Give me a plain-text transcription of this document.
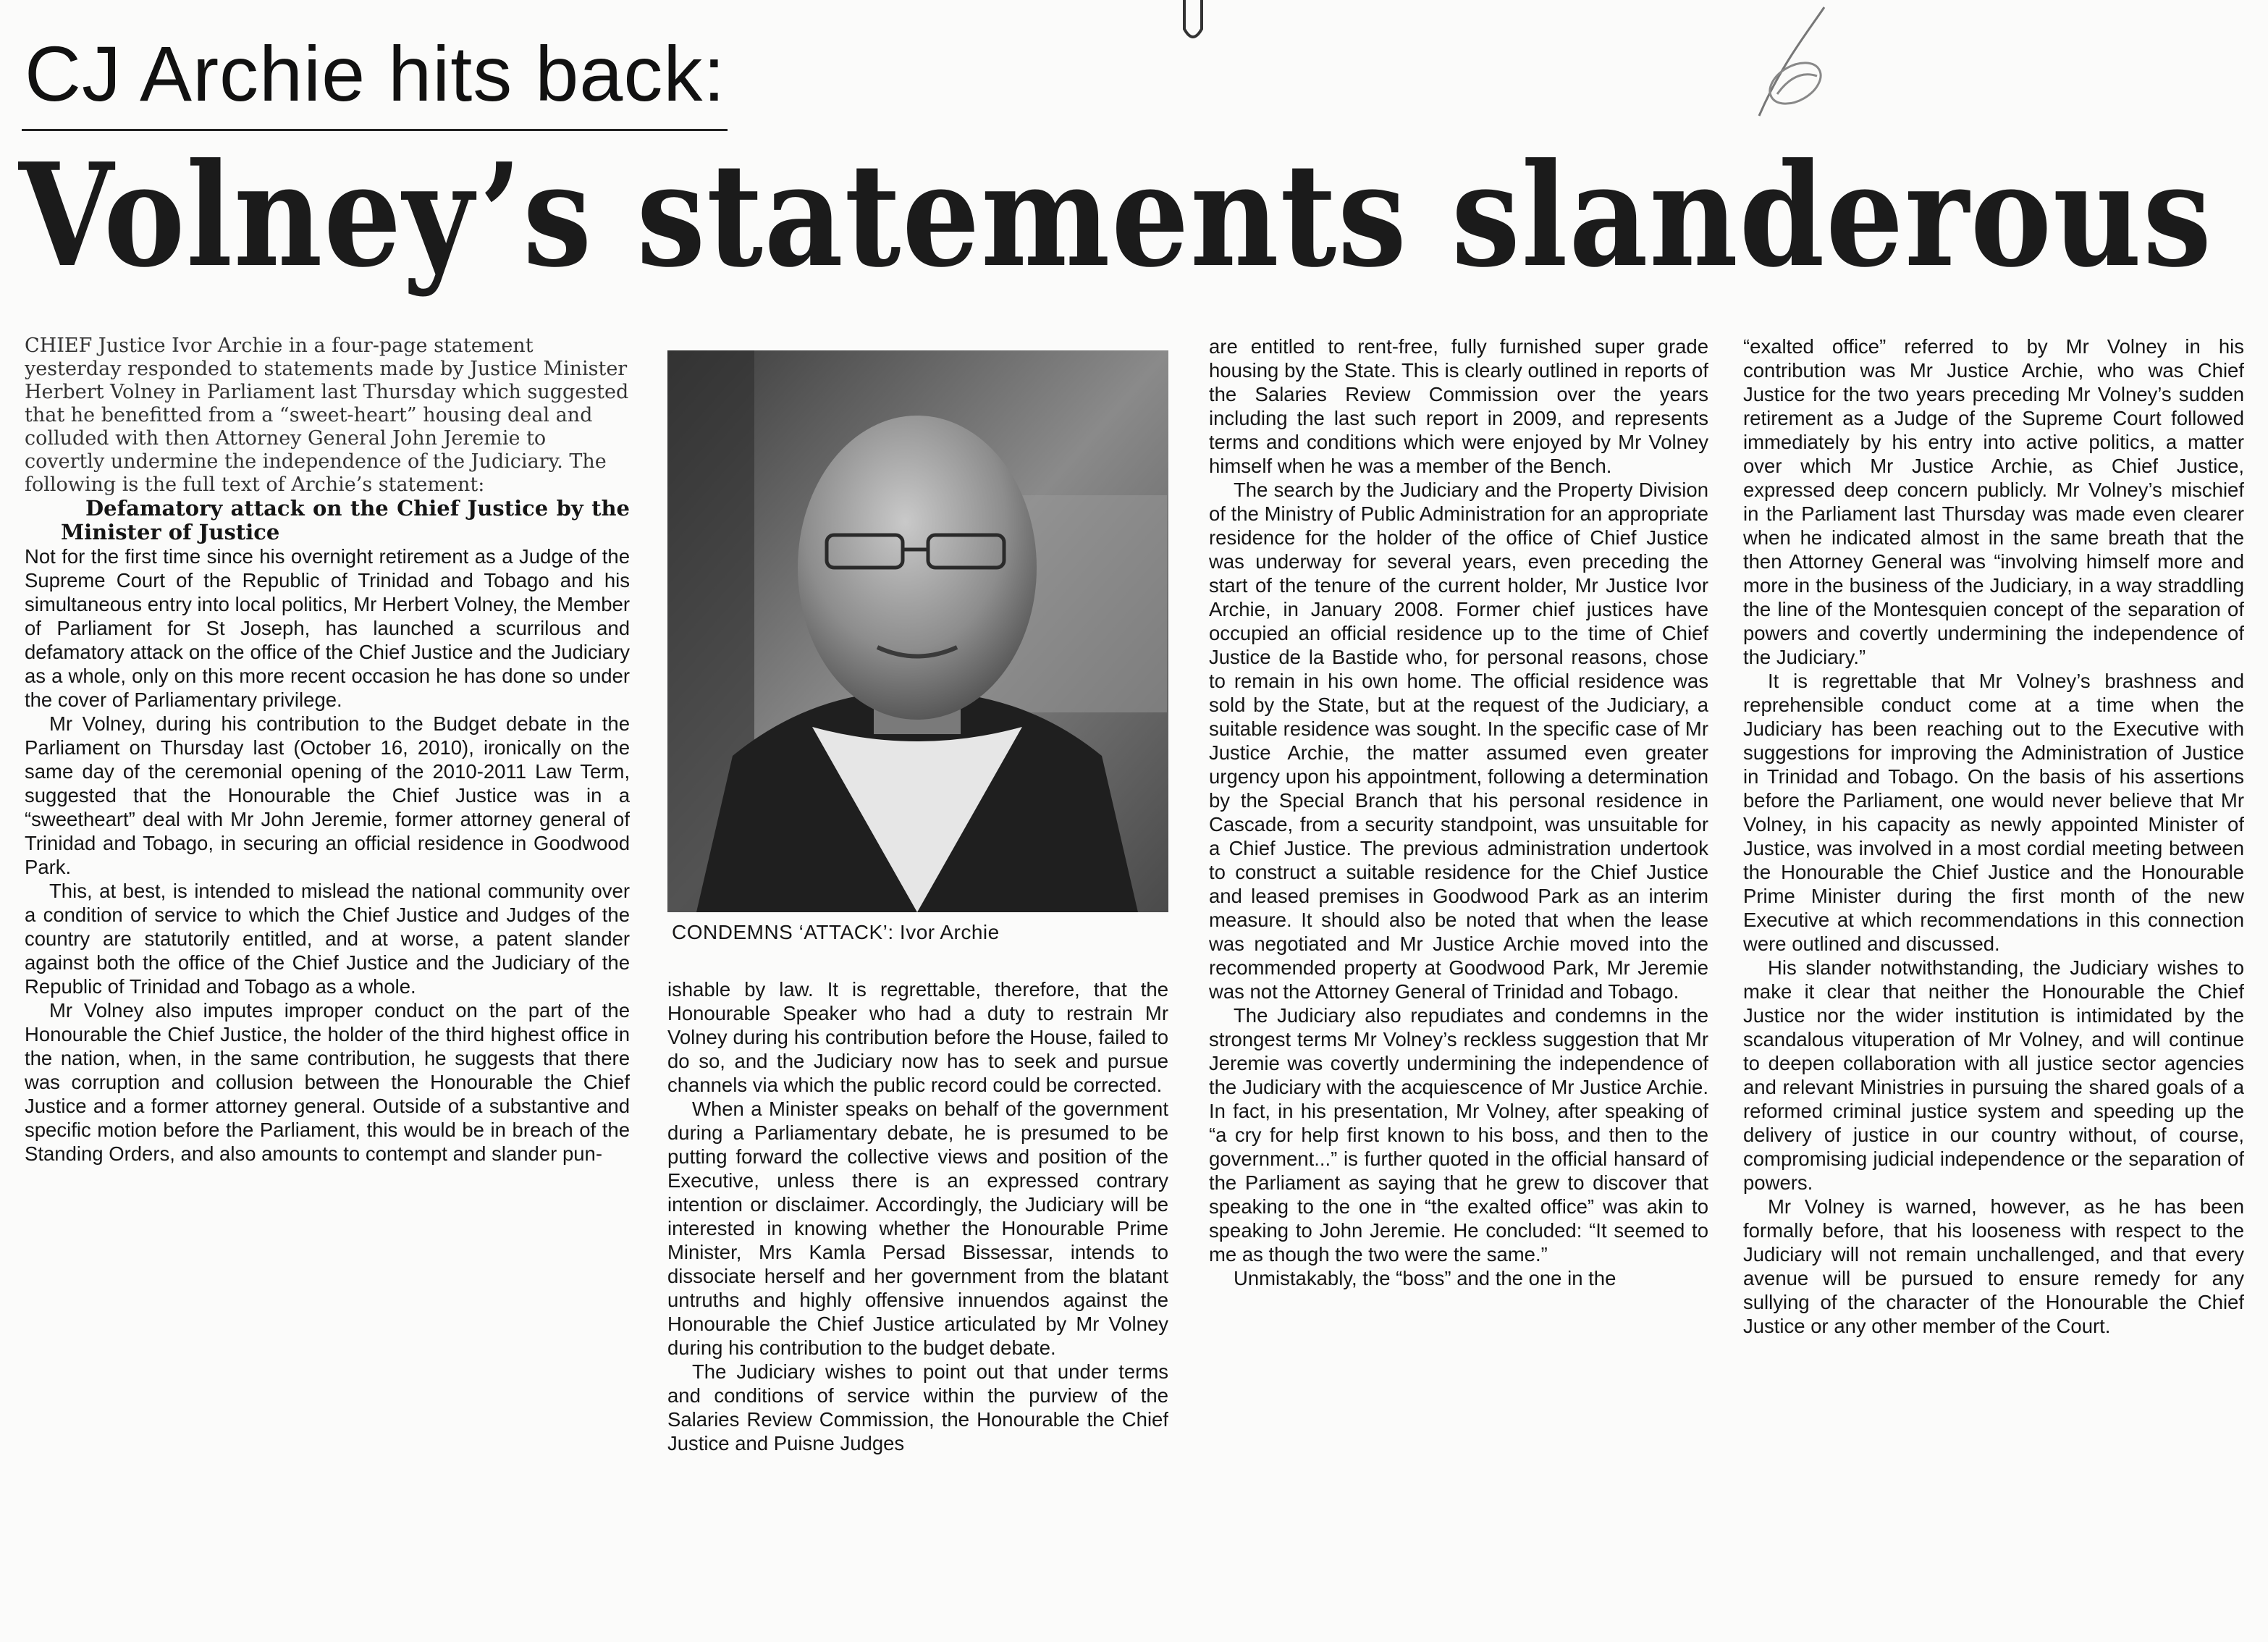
CJ Archie hits back:
Volney’s statements slanderous

CHIEF Justice Ivor Archie in a four-page statement yesterday responded to statements made by Justice Minister Herbert Volney in Parliament last Thursday which suggested that he benefitted from a “sweet-heart” housing deal and colluded with then Attorney General John Jeremie to covertly undermine the independence of the Judiciary. The following is the full text of Archie’s statement:

Defamatory attack on the Chief Justice by the Minister of Justice

Not for the first time since his overnight retirement as a Judge of the Supreme Court of the Republic of Trinidad and Tobago and his simultaneous entry into local politics, Mr Herbert Volney, the Member of Parliament for St Joseph, has launched a scurrilous and defamatory attack on the office of the Chief Justice and the Judiciary as a whole, only on this more recent occasion he has done so under the cover of Parliamentary privilege.

Mr Volney, during his contribution to the Budget debate in the Parliament on Thursday last (October 16, 2010), ironically on the same day of the ceremonial opening of the 2010-2011 Law Term, suggested that the Honourable the Chief Justice was in a “sweetheart” deal with Mr John Jeremie, former attorney general of Trinidad and Tobago, in securing an official residence in Goodwood Park.

This, at best, is intended to mislead the national community over a condition of service to which the Chief Justice and Judges of the country are statutorily entitled, and at worse, a patent slander against both the office of the Chief Justice and the Judiciary of the Republic of Trinidad and Tobago as a whole.

Mr Volney also imputes improper conduct on the part of the Honourable the Chief Justice, the holder of the third highest office in the nation, when, in the same contribution, he suggests that there was corruption and collusion between the Honourable the Chief Justice and a former attorney general. Outside of a substantive and specific motion before the Parliament, this would be in breach of the Standing Orders, and also amounts to contempt and slander pun-

CONDEMNS ‘ATTACK’: Ivor Archie

ishable by law. It is regrettable, therefore, that the Honourable Speaker who had a duty to restrain Mr Volney during his contribution before the House, failed to do so, and the Judiciary now has to seek and pursue channels via which the public record could be corrected.

When a Minister speaks on behalf of the government during a Parliamentary debate, he is presumed to be putting forward the collective views and position of the Executive, unless there is an expressed contrary intention or disclaimer. Accordingly, the Judiciary will be interested in knowing whether the Honourable Prime Minister, Mrs Kamla Persad Bissessar, intends to dissociate herself and her government from the blatant untruths and highly offensive innuendos against the Honourable the Chief Justice articulated by Mr Volney during his contribution to the budget debate.

The Judiciary wishes to point out that under terms and conditions of service within the purview of the Salaries Review Commission, the Honourable the Chief Justice and Puisne Judges

are entitled to rent-free, fully furnished super grade housing by the State. This is clearly outlined in reports of the Salaries Review Commission over the years including the last such report in 2009, and represents terms and conditions which were enjoyed by Mr Volney himself when he was a member of the Bench.

The search by the Judiciary and the Property Division of the Ministry of Public Administration for an appropriate residence for the holder of the office of Chief Justice was underway for several years, even preceding the start of the tenure of the current holder, Mr Justice Ivor Archie, in January 2008. Former chief justices have occupied an official residence up to the time of Chief Justice de la Bastide who, for personal reasons, chose to remain in his own home. The official residence was sold by the State, but at the request of the Judiciary, a suitable residence was sought. In the specific case of Mr Justice Archie, the matter assumed even greater urgency upon his appointment, following a determination by the Special Branch that his personal residence in Cascade, from a security standpoint, was unsuitable for a Chief Justice. The previous administration undertook to construct a suitable residence for the Chief Justice and leased premises in Goodwood Park as an interim measure. It should also be noted that when the lease was negotiated and Mr Justice Archie moved into the recommended property at Goodwood Park, Mr Jeremie was not the Attorney General of Trinidad and Tobago.

The Judiciary also repudiates and condemns in the strongest terms Mr Volney’s reckless suggestion that Mr Jeremie was covertly undermining the independence of the Judiciary with the acquiescence of Mr Justice Archie. In fact, in his presentation, Mr Volney, after speaking of “a cry for help first known to his boss, and then to the government...” is further quoted in the official hansard of the Parliament as saying that he grew to discover that speaking to the one in “the exalted office” was akin to speaking to John Jeremie. He concluded: “It seemed to me as though the two were the same.”

Unmistakably, the “boss” and the one in the

“exalted office” referred to by Mr Volney in his contribution was Mr Justice Archie, who was Chief Justice for the two years preceding Mr Volney’s sudden retirement as a Judge of the Supreme Court followed immediately by his entry into active politics, a matter over which Mr Justice Archie, as Chief Justice, expressed deep concern publicly. Mr Volney’s mischief in the Parliament last Thursday was made even clearer when he indicated almost in the same breath that the then Attorney General was “involving himself more and more in the business of the Judiciary, in a way straddling the line of the Montesquien concept of the separation of powers and covertly undermining the independence of the Judiciary.”

It is regrettable that Mr Volney’s brashness and reprehensible conduct come at a time when the Judiciary has been reaching out to the Executive with suggestions for improving the Administration of Justice in Trinidad and Tobago. On the basis of his assertions before the Parliament, one would never believe that Mr Volney, in his capacity as newly appointed Minister of Justice, was involved in a most cordial meeting between the Honourable the Chief Justice and the Honourable Prime Minister during the first month of the new Executive at which recommendations in this connection were outlined and discussed.

His slander notwithstanding, the Judiciary wishes to make it clear that neither the Honourable the Chief Justice nor the wider institution is intimidated by the scandalous vituperation of Mr Volney, and will continue to deepen collaboration with all justice sector agencies and relevant Ministries in pursuing the shared goals of a reformed criminal justice system and speeding up the delivery of justice in our country without, of course, compromising judicial independence or the separation of powers.

Mr Volney is warned, however, as he has been formally before, that his looseness with respect to the Judiciary will not remain unchallenged, and that every avenue will be pursued to ensure remedy for any sullying of the character of the Honourable the Chief Justice or any other member of the Court.
